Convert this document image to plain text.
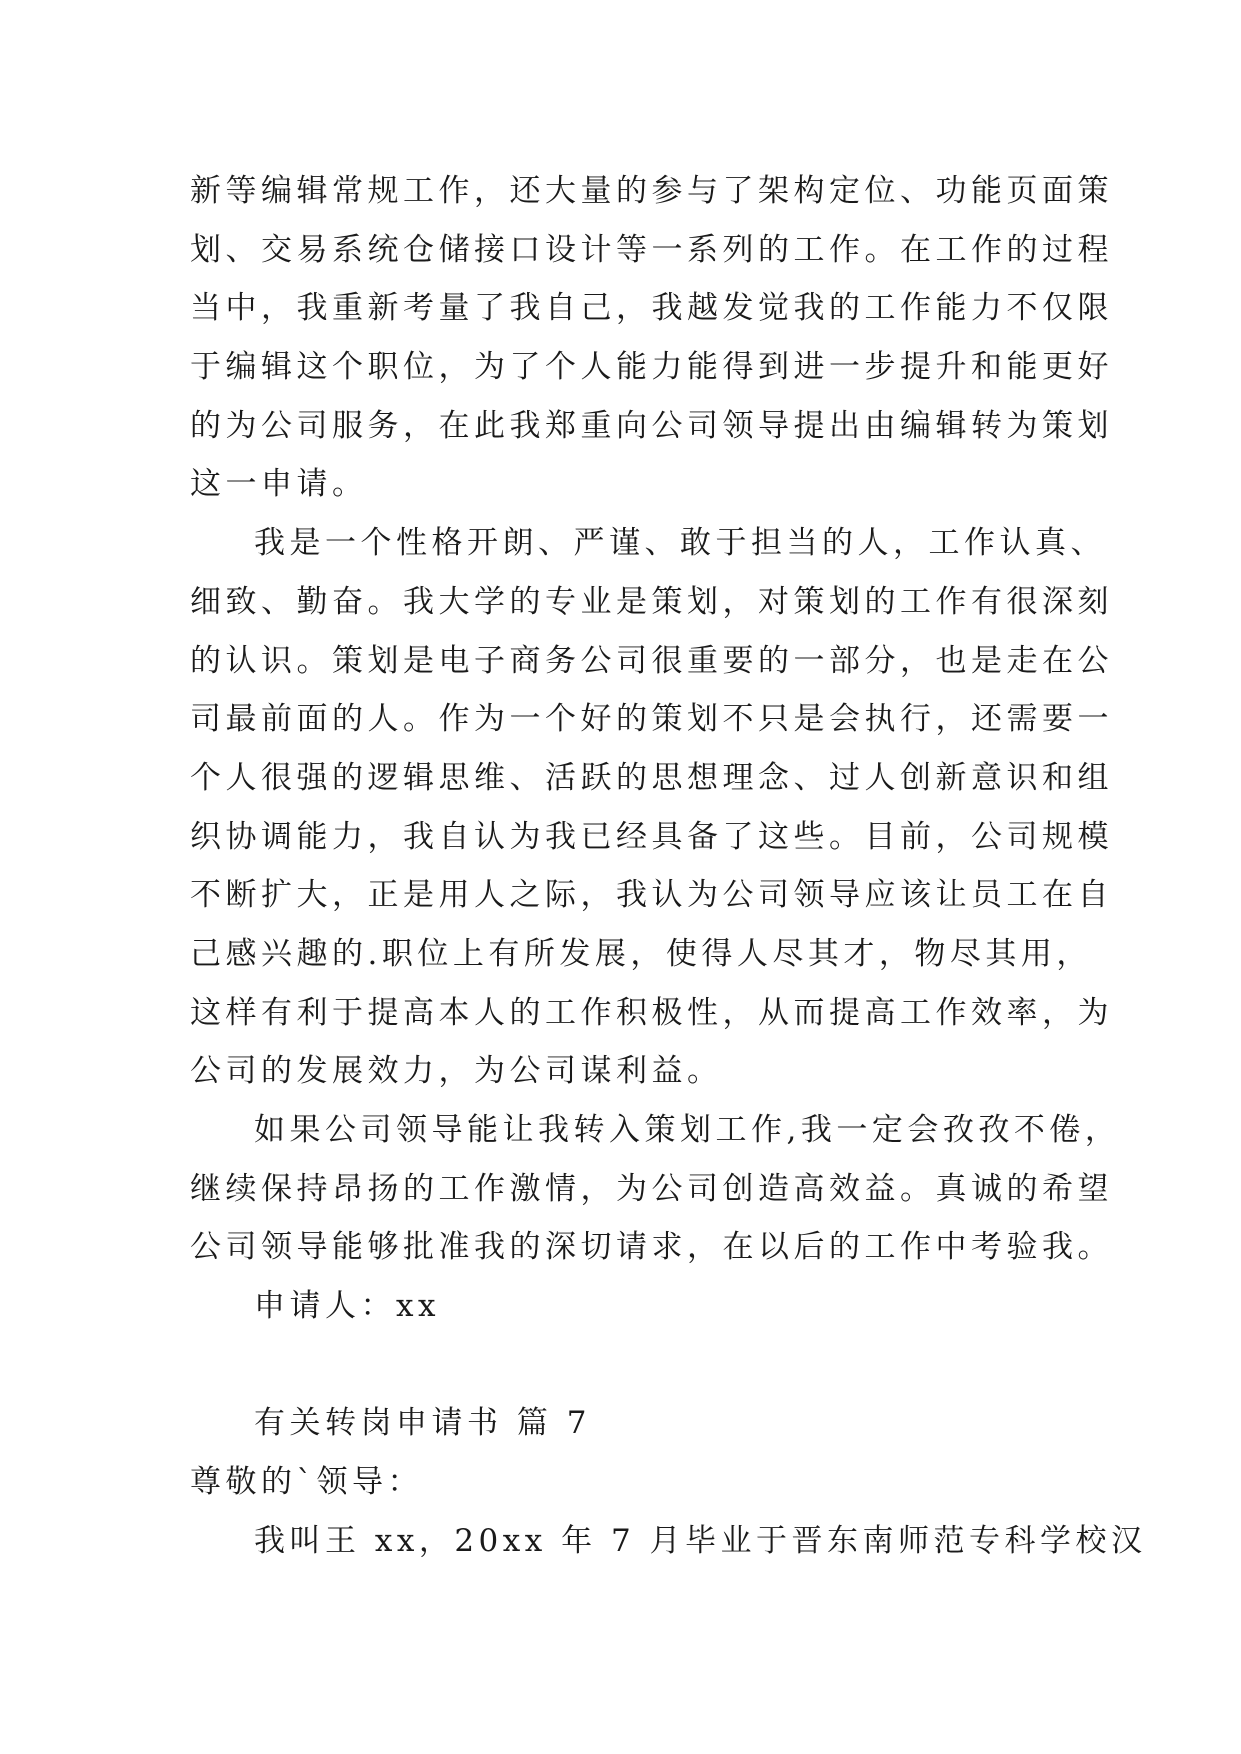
新等编辑常规工作，还大量的参与了架构定位、功能页面策
划、交易系统仓储接口设计等一系列的工作。在工作的过程
当中，我重新考量了我自己，我越发觉我的工作能力不仅限
于编辑这个职位，为了个人能力能得到进一步提升和能更好
的为公司服务，在此我郑重向公司领导提出由编辑转为策划
这一申请。
我是一个性格开朗、严谨、敢于担当的人，工作认真、
细致、勤奋。我大学的专业是策划，对策划的工作有很深刻
的认识。策划是电子商务公司很重要的一部分，也是走在公
司最前面的人。作为一个好的策划不只是会执行，还需要一
个人很强的逻辑思维、活跃的思想理念、过人创新意识和组
织协调能力，我自认为我已经具备了这些。目前，公司规模
不断扩大，正是用人之际，我认为公司领导应该让员工在自
己感兴趣的.职位上有所发展，使得人尽其才，物尽其用，
这样有利于提高本人的工作积极性，从而提高工作效率，为
公司的发展效力，为公司谋利益。
如果公司领导能让我转入策划工作,我一定会孜孜不倦，
继续保持昂扬的工作激情，为公司创造高效益。真诚的希望
公司领导能够批准我的深切请求，在以后的工作中考验我。
申请人：xx
有关转岗申请书 篇 7
尊敬的`领导：
我叫王 xx，20xx 年 7 月毕业于晋东南师范专科学校汉
